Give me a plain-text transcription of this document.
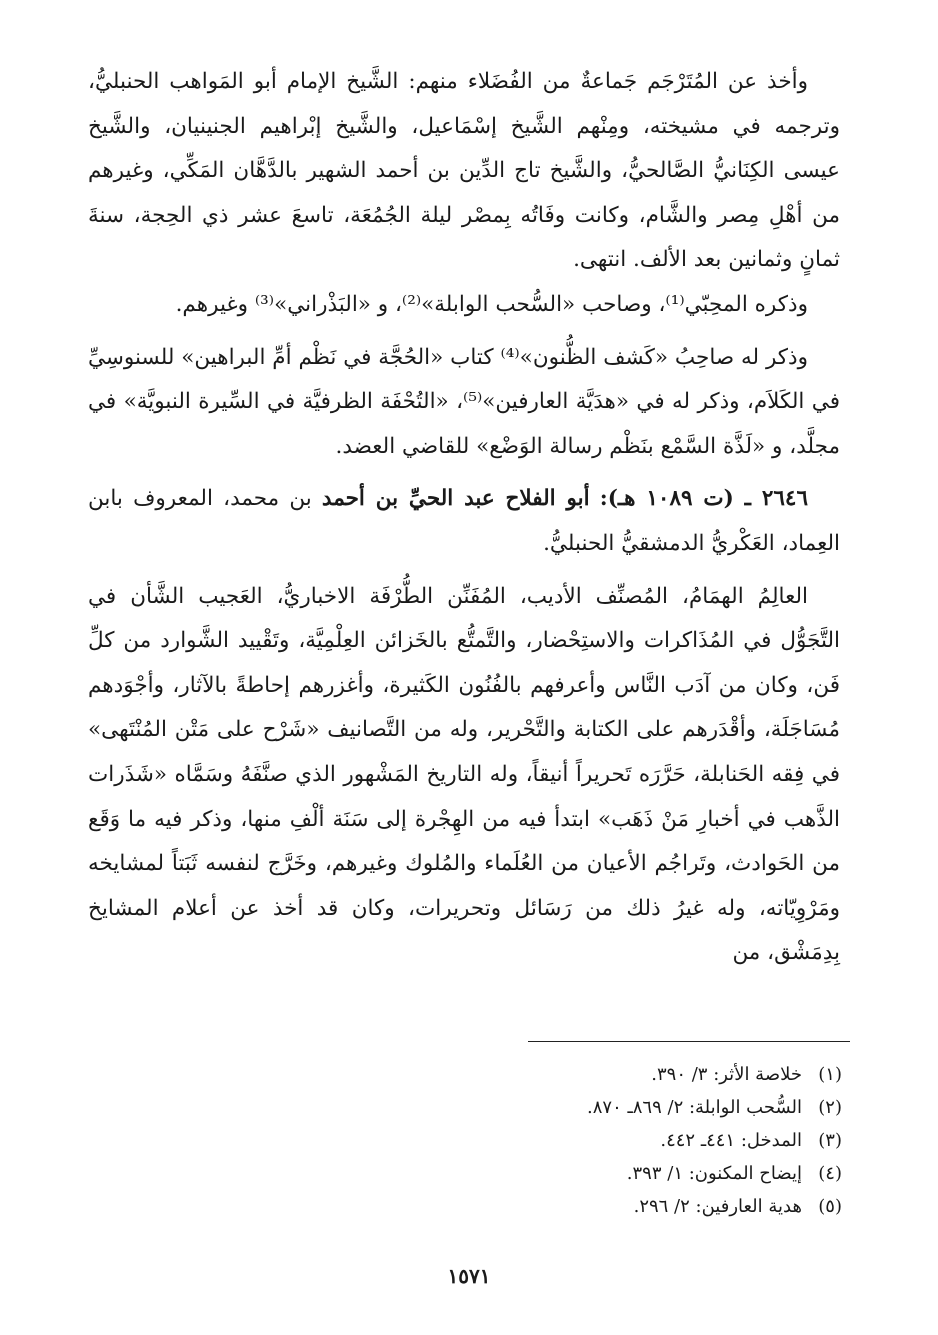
وأخذ عن المُتَرْجَم جَماعةٌ من الفُضَلاء منهم: الشَّيخ الإمام أبو المَواهب الحنبليُّ، وترجمه في مشيخته، ومِنْهم الشَّيخ إسْمَاعيل، والشَّيخ إبْراهيم الجنينيان، والشَّيخ عيسى الكِنَانيُّ الصَّالحيُّ، والشَّيخ تاج الدِّين بن أحمد الشهير بالدَّهَّان المَكِّي، وغيرهم من أهْلِ مِصر والشَّام، وكانت وفَاتُه بِمصْر ليلة الجُمُعَة، تاسعَ عشر ذي الحِجة، سنةَ ثمانٍ وثمانين بعد الألف. انتهى.

وذكره المحِبّي⁽¹⁾، وصاحب «السُّحب الوابلة»⁽²⁾، و «البَذْراني»⁽³⁾ وغيرهم.

وذكر له صاحِبُ «كَشف الظُّنون»⁽⁴⁾ كتاب «الحُجَّة في نَظْم أمِّ البراهين» للسنوسِيِّ في الكَلاَم، وذكر له في «هدَيَّة العارفين»⁽⁵⁾، «التُحْفَة الظرفيَّة في السِّيرة النبويَّة» في مجلَّد، و «لَذَّة السَّمْع بنَظْم رسالة الوَضْع» للقاضي العضد.

٢٦٤٦ ـ (ت ١٠٨٩ هـ): أبو الفلاح عبد الحيِّ بن أحمد بن محمد، المعروف بابن العِماد، العَكْريُّ الدمشقيُّ الحنبليُّ.

العالِمُ الهمَامُ، المُصنِّف الأديب، المُفَنِّن الطُّرْفَة الاخباريُّ، العَجيب الشَّأن في التَّجَوُّل في المُذَاكرات والاستِحْضار، والتَّمتُّع بالخَزائن العِلْمِيَّة، وتَقْييد الشَّوارد من كلِّ فَن، وكان من آدَب النَّاس وأعرفهم بالفُنُون الكَثيرة، وأغزرهم إحاطةً بالآثار، وأجْوَدهم مُسَاجَلَة، وأقْدَرهم على الكتابة والتَّحْرير، وله من التَّصانيف «شَرْح على مَتْن المُنْتَهى» في فِقه الحَنابلة، حَرَّرَه تَحريراً أنيقاً، وله التاريخ المَشْهور الذي صنَّفَهُ وسَمَّاه «شَذَرات الذَّهب في أخبارِ مَنْ ذَهَب» ابتدأ فيه من الهِجْرة إلى سَنَة ألْفِ منها، وذكر فيه ما وَقَع من الحَوادث، وتَراجُم الأعيان من العُلَماء والمُلوك وغيرهم، وخَرَّج لنفسه ثَبَتاً لمشايخه ومَرْوِيّاته، وله غيرُ ذلك من رَسَائل وتحريرات، وكان قد أخذ عن أعلام المشايخ بِدِمَشْق، من

(١)خلاصة الأثر: ٣/ ٣٩٠.

(٢)السُّحب الوابلة: ٢/ ٨٦٩ـ ٨٧٠.

(٣)المدخل: ٤٤١ـ ٤٤٢.

(٤)إيضاح المكنون: ١/ ٣٩٣.

(٥)هدية العارفين: ٢/ ٢٩٦.

١٥٧١
